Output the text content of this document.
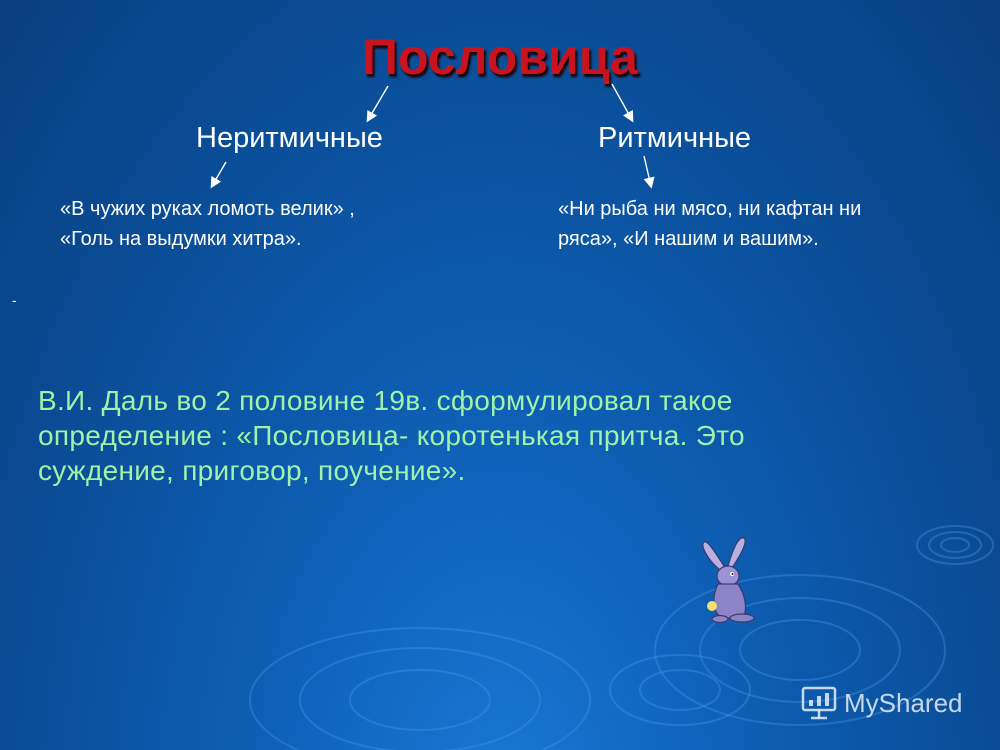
Пословица
Неритмичные	Ритмичные
«В чужих руках ломоть велик» ,
«Голь на выдумки хитра».
«Ни рыба ни мясо, ни кафтан ни
ряса», «И нашим и вашим».
-
В.И. Даль во 2 половине 19в. сформулировал такое
определение : «Пословица- коротенькая притча. Это
суждение, приговор, поучение».
MyShared
